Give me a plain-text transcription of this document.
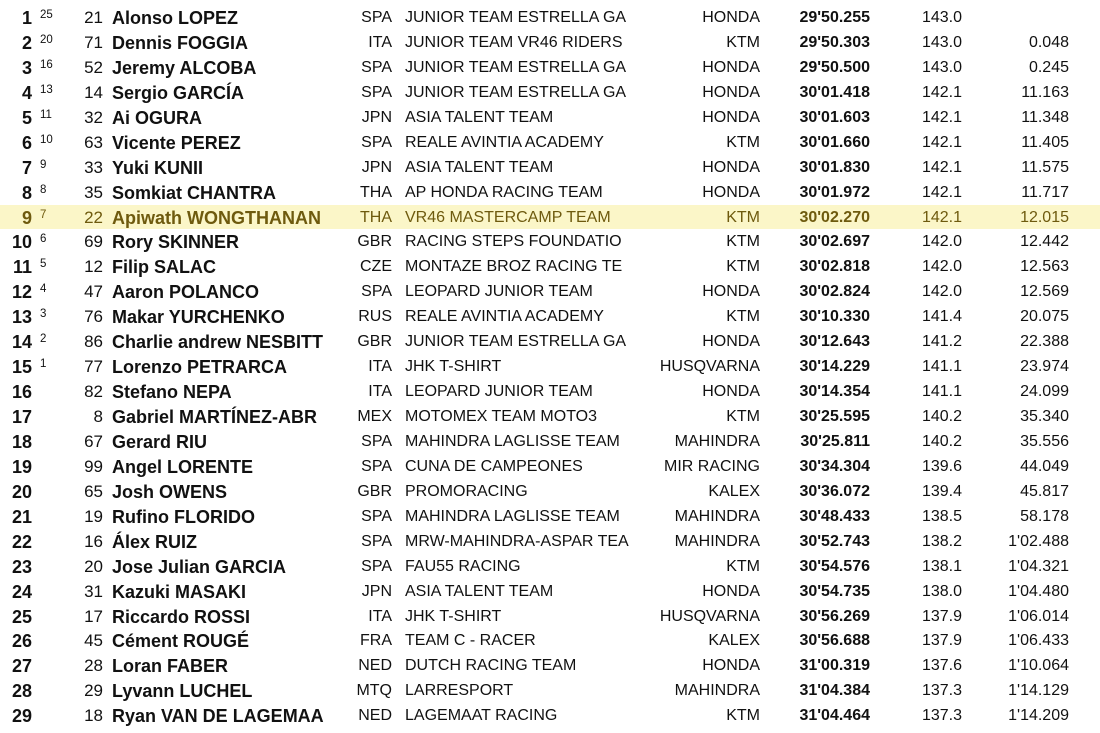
1 25	21 Alonso LOPEZ	SPA JUNIOR TEAM ESTRELLA GA	HONDA	29'50.255	143.0
2 20	71 Dennis FOGGIA	ITA JUNIOR TEAM VR46 RIDERS	KTM	29'50.303	143.0	0.048
3 16	52 Jeremy ALCOBA	SPA JUNIOR TEAM ESTRELLA GA	HONDA	29'50.500	143.0	0.245
4 13	14 Sergio GARCÍA	SPA JUNIOR TEAM ESTRELLA GA	HONDA	30'01.418	142.1	11.163
5 11	32 Ai OGURA	JPN ASIA TALENT TEAM	HONDA	30'01.603	142.1	11.348
6 10	63 Vicente PEREZ	SPA REALE AVINTIA ACADEMY	KTM	30'01.660	142.1	11.405
7 9	33 Yuki KUNII	JPN ASIA TALENT TEAM	HONDA	30'01.830	142.1	11.575
8 8	35 Somkiat CHANTRA	THA AP HONDA RACING TEAM	HONDA	30'01.972	142.1	11.717
9 7	22 Apiwath WONGTHANAN	THA VR46 MASTERCAMP TEAM	KTM	30'02.270	142.1	12.015
10 6	69 Rory SKINNER	GBR RACING STEPS FOUNDATIO	KTM	30'02.697	142.0	12.442
11 5	12 Filip SALAC	CZE MONTAZE BROZ RACING TE	KTM	30'02.818	142.0	12.563
12 4	47 Aaron POLANCO	SPA LEOPARD JUNIOR TEAM	HONDA	30'02.824	142.0	12.569
13 3	76 Makar YURCHENKO	RUS REALE AVINTIA ACADEMY	KTM	30'10.330	141.4	20.075
14 2	86 Charlie andrew NESBITT	GBR JUNIOR TEAM ESTRELLA GA	HONDA	30'12.643	141.2	22.388
15 1	77 Lorenzo PETRARCA	ITA JHK T-SHIRT	HUSQVARNA	30'14.229	141.1	23.974
16	82 Stefano NEPA	ITA LEOPARD JUNIOR TEAM	HONDA	30'14.354	141.1	24.099
17	8 Gabriel MARTÍNEZ-ABR	MEX MOTOMEX TEAM MOTO3	KTM	30'25.595	140.2	35.340
18	67 Gerard RIU	SPA MAHINDRA LAGLISSE TEAM	MAHINDRA	30'25.811	140.2	35.556
19	99 Angel LORENTE	SPA CUNA DE CAMPEONES	MIR RACING	30'34.304	139.6	44.049
20	65 Josh OWENS	GBR PROMORACING	KALEX	30'36.072	139.4	45.817
21	19 Rufino FLORIDO	SPA MAHINDRA LAGLISSE TEAM	MAHINDRA	30'48.433	138.5	58.178
22	16 Álex RUIZ	SPA MRW-MAHINDRA-ASPAR TEA	MAHINDRA	30'52.743	138.2	1'02.488
23	20 Jose Julian GARCIA	SPA FAU55 RACING	KTM	30'54.576	138.1	1'04.321
24	31 Kazuki MASAKI	JPN ASIA TALENT TEAM	HONDA	30'54.735	138.0	1'04.480
25	17 Riccardo ROSSI	ITA JHK T-SHIRT	HUSQVARNA	30'56.269	137.9	1'06.014
26	45 Cément ROUGÉ	FRA TEAM C - RACER	KALEX	30'56.688	137.9	1'06.433
27	28 Loran FABER	NED DUTCH RACING TEAM	HONDA	31'00.319	137.6	1'10.064
28	29 Lyvann LUCHEL	MTQ LARRESPORT	MAHINDRA	31'04.384	137.3	1'14.129
29	18 Ryan VAN DE LAGEMAA	NED LAGEMAAT RACING	KTM	31'04.464	137.3	1'14.209
